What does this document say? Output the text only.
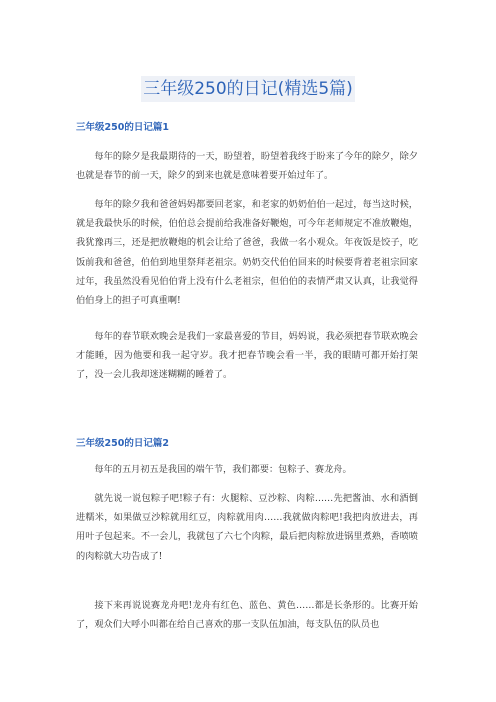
三年级250的日记(精选5篇)
三年级250的日记篇1

每年的除夕是我最期待的一天，盼望着，盼望着我终于盼来了今年的除夕，除夕也就是春节的前一天，除夕的到来也就是意味着要开始过年了。

每年的除夕我和爸爸妈妈都要回老家，和老家的奶奶伯伯一起过，每当这时候，就是我最快乐的时候，伯伯总会提前给我准备好鞭炮，可今年老师规定不准放鞭炮，我犹豫再三，还是把放鞭炮的机会让给了爸爸，我做一名小观众。年夜饭是饺子，吃饭前我和爸爸，伯伯到地里祭拜老祖宗。奶奶交代伯伯回来的时候要背着老祖宗回家过年，我虽然没看见伯伯背上没有什么老祖宗，但伯伯的表情严肃又认真，让我觉得伯伯身上的担子可真重啊!

每年的春节联欢晚会是我们一家最喜爱的节目，妈妈说，我必须把春节联欢晚会才能睡，因为他要和我一起守岁。我才把春节晚会看一半，我的眼睛可都开始打架了，没一会儿我却迷迷糊糊的睡着了。

三年级250的日记篇2

每年的五月初五是我国的端午节，我们都要：包粽子、赛龙舟。

就先说一说包粽子吧!粽子有：火腿粽、豆沙粽、肉粽……先把酱油、水和酒倒进糯米，如果做豆沙粽就用红豆，肉粽就用肉……我就做肉粽吧!我把肉放进去，再用叶子包起来。不一会儿，我就包了六七个肉粽，最后把肉粽放进锅里煮熟，香喷喷的肉粽就大功告成了!

接下来再说说赛龙舟吧!龙舟有红色、蓝色、黄色……都是长条形的。比赛开始了，观众们大呼小叫都在给自己喜欢的那一支队伍加油，每支队伍的队员也
